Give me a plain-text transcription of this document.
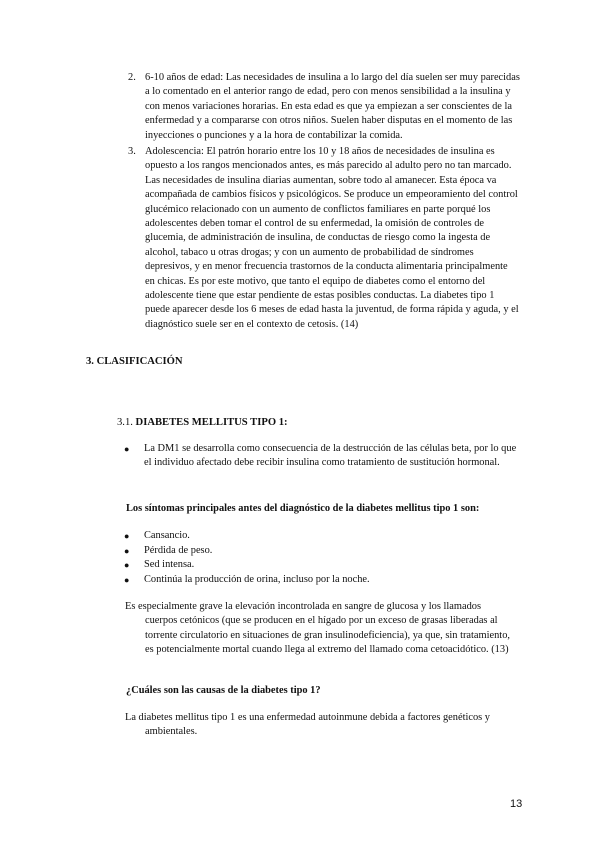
2. 6-10 años de edad: Las necesidades de insulina a lo largo del día suelen ser muy parecidas a lo comentado en el anterior rango de edad, pero con menos sensibilidad a la insulina y con menos variaciones horarias. En esta edad es que ya empiezan a ser conscientes de la enfermedad y a compararse con otros niños. Suelen haber disputas en el momento de las inyecciones o punciones y a la hora de contabilizar la comida.
3. Adolescencia: El patrón horario entre los 10 y 18 años de necesidades de insulina es opuesto a los rangos mencionados antes, es más parecido al adulto pero no tan marcado. Las necesidades de insulina diarias aumentan, sobre todo al amanecer. Esta época va acompañada de cambios físicos y psicológicos. Se produce un empeoramiento del control glucémico relacionado con un aumento de conflictos familiares en parte porqué los adolescentes deben tomar el control de su enfermedad, la omisión de controles de glucemia, de administración de insulina, de conductas de riesgo como la ingesta de alcohol, tabaco u otras drogas; y con un aumento de probabilidad de síndromes depresivos, y en menor frecuencia trastornos de la conducta alimentaria principalmente en chicas. Es por este motivo, que tanto el equipo de diabetes como el entorno del adolescente tiene que estar pendiente de estas posibles conductas. La diabetes tipo 1 puede aparecer desde los 6 meses de edad hasta la juventud, de forma rápida y aguda, y el diagnóstico suele ser en el contexto de cetosis. (14)
3. CLASIFICACIÓN
3.1. DIABETES MELLITUS TIPO 1:
● La DM1 se desarrolla como consecuencia de la destrucción de las células beta, por lo que el individuo afectado debe recibir insulina como tratamiento de sustitución hormonal.
Los síntomas principales antes del diagnóstico de la diabetes mellitus tipo 1 son:
● Cansancio.
● Pérdida de peso.
● Sed intensa.
● Continúa la producción de orina, incluso por la noche.
Es especialmente grave la elevación incontrolada en sangre de glucosa y los llamados
cuerpos cetónicos (que se producen en el hígado por un exceso de grasas liberadas al torrente circulatorio en situaciones de gran insulinodeficiencia), ya que, sin tratamiento, es potencialmente mortal cuando llega al extremo del llamado coma cetoacidótico. (13)
¿Cuáles son las causas de la diabetes tipo 1?
La diabetes mellitus tipo 1 es una enfermedad autoinmune debida a factores genéticos y
ambientales.
13
